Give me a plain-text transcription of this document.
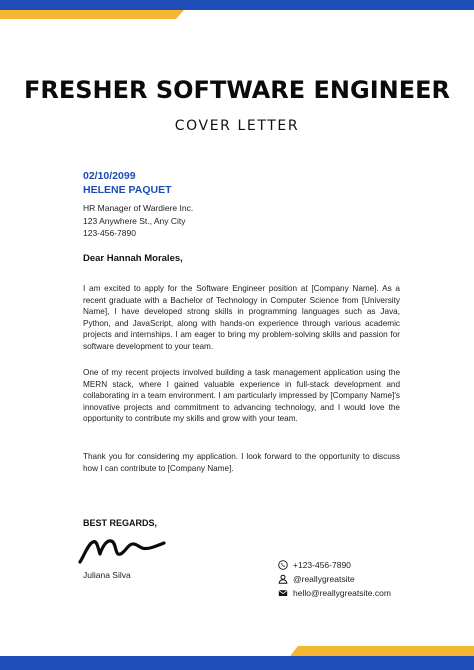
FRESHER SOFTWARE ENGINEER
COVER LETTER
02/10/2099
HELENE PAQUET
HR Manager of Wardiere Inc.
123 Anywhere St., Any City
123-456-7890
Dear Hannah Morales,
I am excited to apply for the Software Engineer position at [Company Name]. As a recent graduate with a Bachelor of Technology in Computer Science from [University Name], I have developed strong skills in programming languages such as Java, Python, and JavaScript, along with hands-on experience through various academic projects and internships. I am eager to bring my problem-solving skills and passion for software development to your team.
One of my recent projects involved building a task management application using the MERN stack, where I gained valuable experience in full-stack development and collaborating in a team environment. I am particularly impressed by [Company Name]'s innovative projects and commitment to advancing technology, and I would love the opportunity to contribute my skills and grow with your team.
Thank you for considering my application. I look forward to the opportunity to discuss how I can contribute to [Company Name].
BEST REGARDS,
Juliana Silva
+123-456-7890
@reallygreatsite
hello@reallygreatsite.com
